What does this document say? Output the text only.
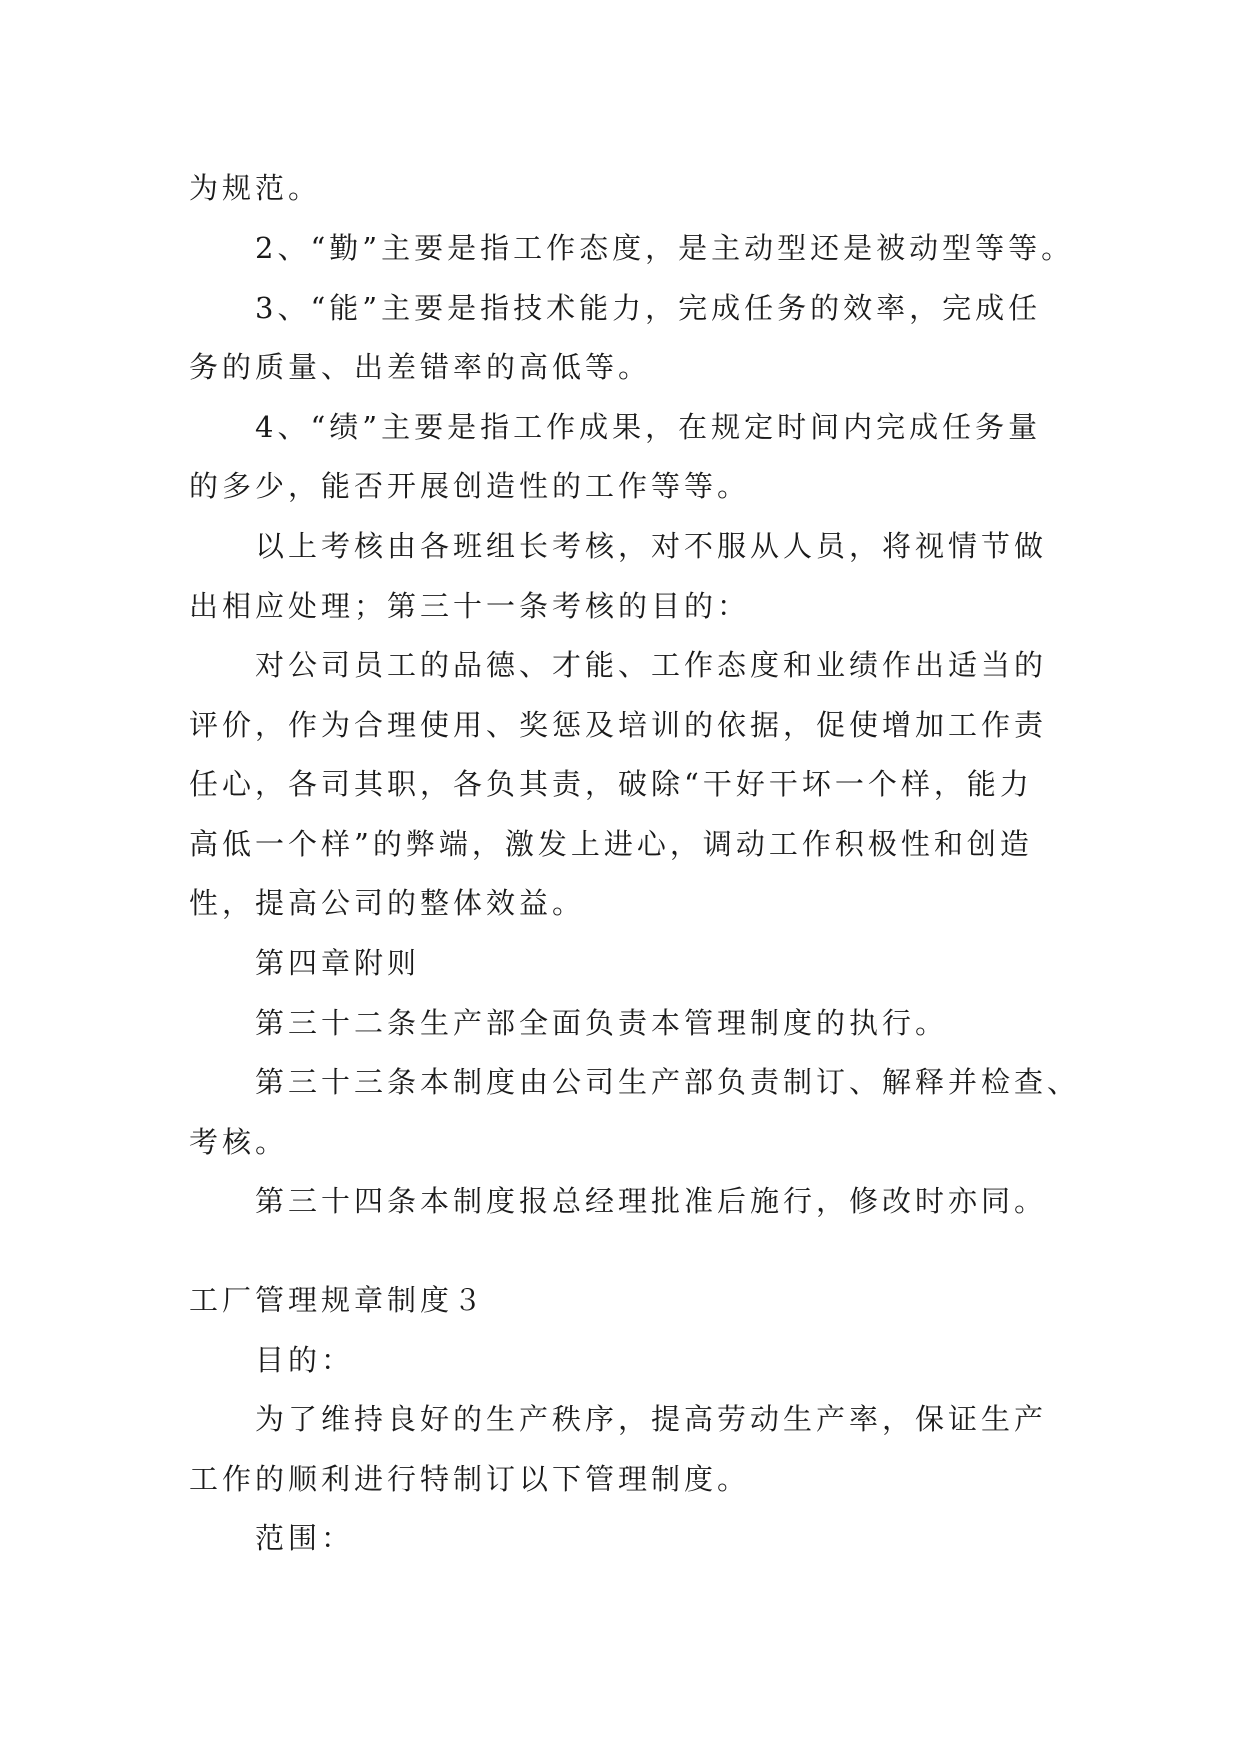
为规范。
2、“勤”主要是指工作态度，是主动型还是被动型等等。
3、“能”主要是指技术能力，完成任务的效率，完成任
务的质量、出差错率的高低等。
4、“绩”主要是指工作成果，在规定时间内完成任务量
的多少，能否开展创造性的工作等等。
以上考核由各班组长考核，对不服从人员，将视情节做
出相应处理；第三十一条考核的目的：
对公司员工的品德、才能、工作态度和业绩作出适当的
评价，作为合理使用、奖惩及培训的依据，促使增加工作责
任心，各司其职，各负其责，破除“干好干坏一个样，能力
高低一个样”的弊端，激发上进心，调动工作积极性和创造
性，提高公司的整体效益。
第四章附则
第三十二条生产部全面负责本管理制度的执行。
第三十三条本制度由公司生产部负责制订、解释并检查、
考核。
第三十四条本制度报总经理批准后施行，修改时亦同。
工厂管理规章制度３
目的：
为了维持良好的生产秩序，提高劳动生产率，保证生产
工作的顺利进行特制订以下管理制度。
范围：
